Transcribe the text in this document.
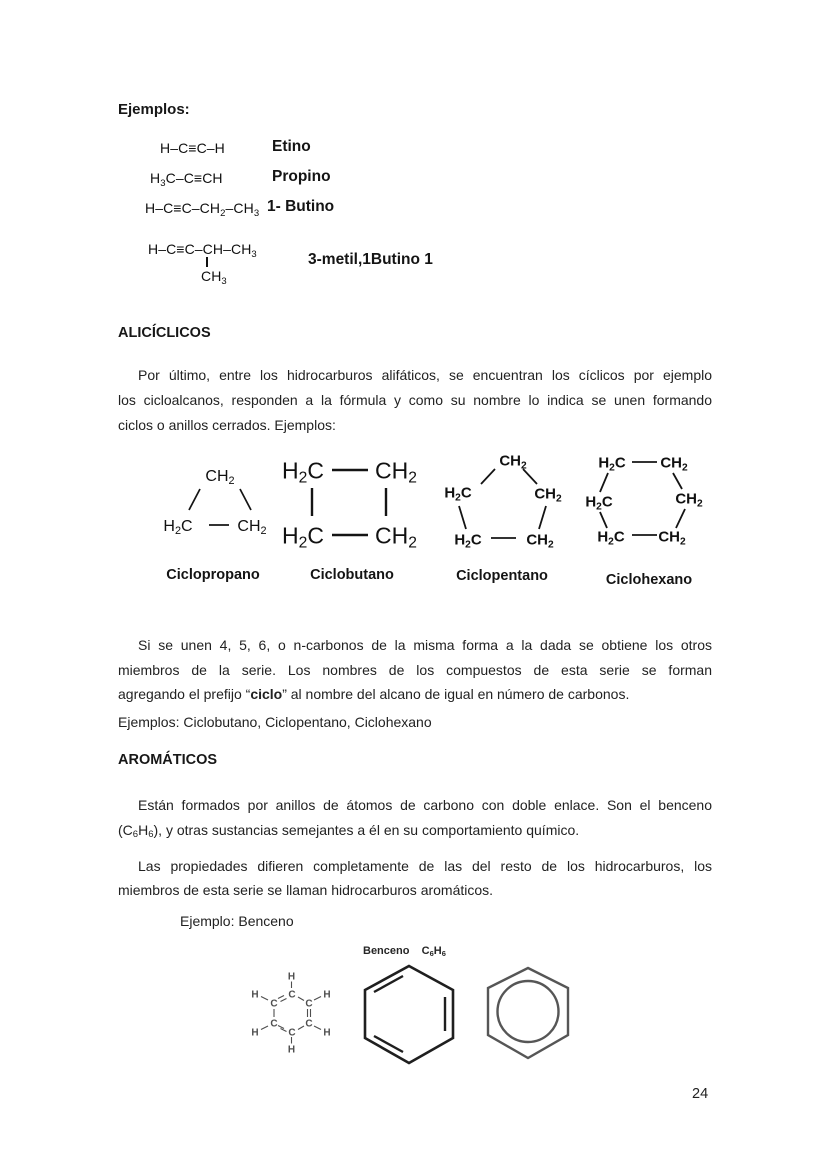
Ejemplos:
H–C≡C–H	Etino
$H_3C-C\equiv CH$	Propino
$H-C\equiv C-CH_2-CH_3$ 1- Butino
$H-C\equiv C-CH-CH_3$
$CH_3$
3-metil,1Butino 1
ALICÍCLICOS
Por último, entre los hidrocarburos alifáticos, se encuentran los cíclicos por ejemplo
los cicloalcanos, responden a la fórmula y como su nombre lo indica se unen formando
ciclos o anillos cerrados. Ejemplos:
$CH_2$
$H_2C$	$CH_2$
Ciclopropano
$H_2C$ $CH_2$
$H_2C$ $CH_2$
Ciclobutano
$CH_2$
$H_2C$	$CH_2$
$H_2C$	$CH_2$
Ciclopentano
$H_2C$ $CH_2$
$H_2C$	$CH_2$
$H_2C$ $CH_2$
Ciclohexano
Si se unen 4, 5, 6, o n-carbonos de la misma forma a la dada se obtiene los otros
miembros de la serie. Los nombres de los compuestos de esta serie se forman
agregando el prefijo “ciclo” al nombre del alcano de igual en número de carbonos.
Ejemplos: Ciclobutano, Ciclopentano, Ciclohexano
AROMÁTICOS
Están formados por anillos de átomos de carbono con doble enlace. Son el benceno
$(C_6H_6)$, y otras sustancias semejantes a él en su comportamiento químico.
Las propiedades difieren completamente de las del resto de los hidrocarburos, los
miembros de esta serie se llaman hidrocarburos aromáticos.
Ejemplo: Benceno
Benceno    $C_6H_6$
H
C
H	H
C	C
C	C
H	H
C
H
24
